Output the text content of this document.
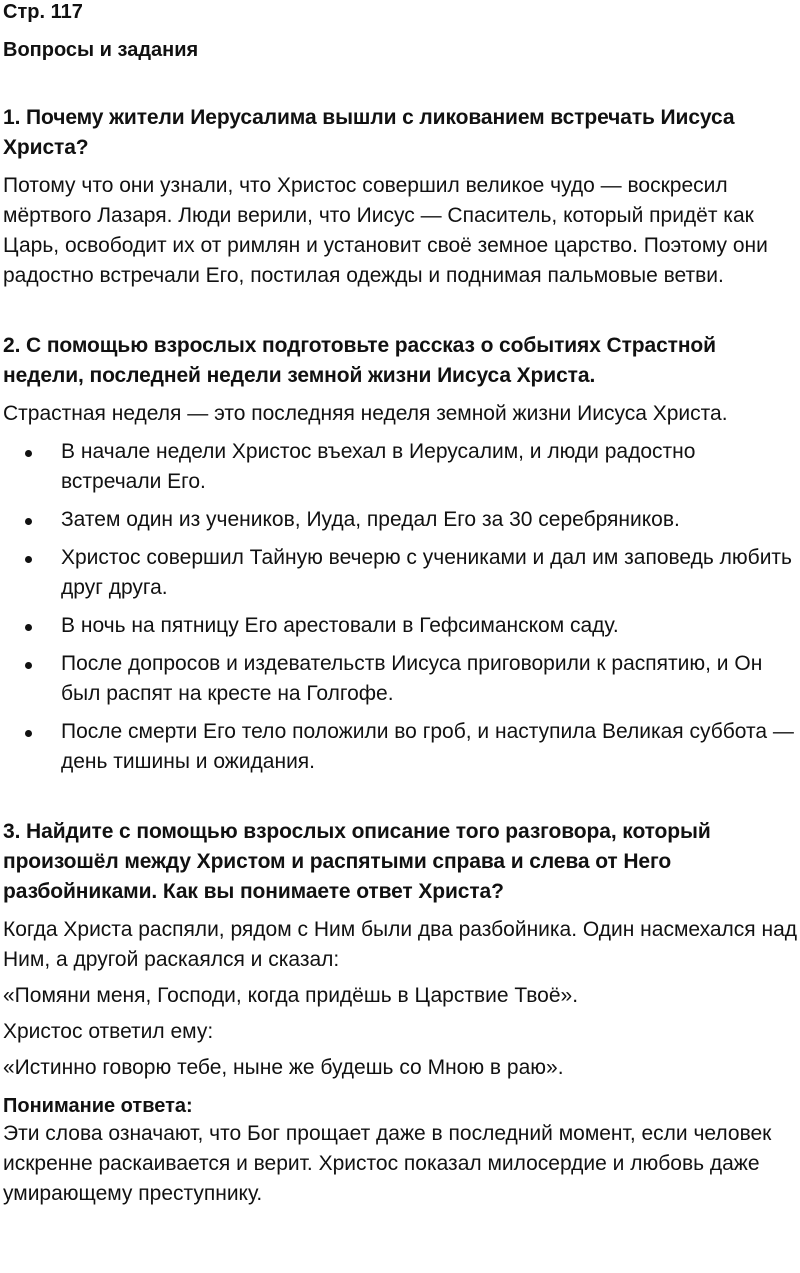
Стр. 117
Вопросы и задания
1. Почему жители Иерусалима вышли с ликованием встречать Иисуса Христа?
Потому что они узнали, что Христос совершил великое чудо — воскресил мёртвого Лазаря. Люди верили, что Иисус — Спаситель, который придёт как Царь, освободит их от римлян и установит своё земное царство. Поэтому они радостно встречали Его, постилая одежды и поднимая пальмовые ветви.
2. С помощью взрослых подготовьте рассказ о событиях Страстной недели, последней недели земной жизни Иисуса Христа.
Страстная неделя — это последняя неделя земной жизни Иисуса Христа.
В начале недели Христос въехал в Иерусалим, и люди радостно встречали Его.
Затем один из учеников, Иуда, предал Его за 30 серебряников.
Христос совершил Тайную вечерю с учениками и дал им заповедь любить друг друга.
В ночь на пятницу Его арестовали в Гефсиманском саду.
После допросов и издевательств Иисуса приговорили к распятию, и Он был распят на кресте на Голгофе.
После смерти Его тело положили во гроб, и наступила Великая суббота — день тишины и ожидания.
3. Найдите с помощью взрослых описание того разговора, который произошёл между Христом и распятыми справа и слева от Него разбойниками. Как вы понимаете ответ Христа?
Когда Христа распяли, рядом с Ним были два разбойника. Один насмехался над Ним, а другой раскаялся и сказал:
«Помяни меня, Господи, когда придёшь в Царствие Твоё».
Христос ответил ему:
«Истинно говорю тебе, ныне же будешь со Мною в раю».
Понимание ответа:
Эти слова означают, что Бог прощает даже в последний момент, если человек искренне раскаивается и верит. Христос показал милосердие и любовь даже умирающему преступнику.
